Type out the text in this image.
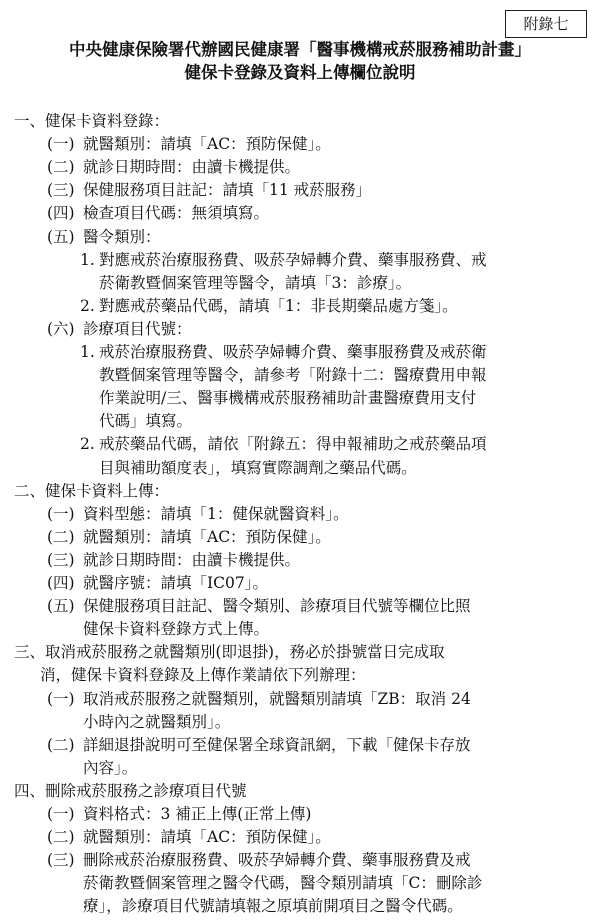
附錄七
中央健康保險署代辦國民健康署「醫事機構戒菸服務補助計畫」
健保卡登錄及資料上傳欄位說明
一、健保卡資料登錄：
(一) 就醫類別：請填「AC：預防保健」。
(二) 就診日期時間：由讀卡機提供。
(三) 保健服務項目註記：請填「11 戒菸服務」
(四) 檢查項目代碼：無須填寫。
(五) 醫令類別：
1. 對應戒菸治療服務費、吸菸孕婦轉介費、藥事服務費、戒
菸衛教暨個案管理等醫令，請填「3：診療」。
2. 對應戒菸藥品代碼，請填「1：非長期藥品處方箋」。
(六) 診療項目代號：
1. 戒菸治療服務費、吸菸孕婦轉介費、藥事服務費及戒菸衛
教暨個案管理等醫令，請參考「附錄十二：醫療費用申報
作業說明/三、醫事機構戒菸服務補助計畫醫療費用支付
代碼」填寫。
2. 戒菸藥品代碼，請依「附錄五：得申報補助之戒菸藥品項
目與補助額度表」，填寫實際調劑之藥品代碼。
二、健保卡資料上傳：
(一) 資料型態：請填「1：健保就醫資料」。
(二) 就醫類別：請填「AC：預防保健」。
(三) 就診日期時間：由讀卡機提供。
(四) 就醫序號：請填「IC07」。
(五) 保健服務項目註記、醫令類別、診療項目代號等欄位比照
健保卡資料登錄方式上傳。
三、取消戒菸服務之就醫類別(即退掛)，務必於掛號當日完成取
消，健保卡資料登錄及上傳作業請依下列辦理：
(一) 取消戒菸服務之就醫類別，就醫類別請填「ZB：取消 24
小時內之就醫類別」。
(二) 詳細退掛說明可至健保署全球資訊網，下載「健保卡存放
內容」。
四、刪除戒菸服務之診療項目代號
(一) 資料格式：3 補正上傳(正常上傳)
(二) 就醫類別：請填「AC：預防保健」。
(三) 刪除戒菸治療服務費、吸菸孕婦轉介費、藥事服務費及戒
菸衛教暨個案管理之醫令代碼，醫令類別請填「C：刪除診
療」，診療項目代號請填報之原填前開項目之醫令代碼。
